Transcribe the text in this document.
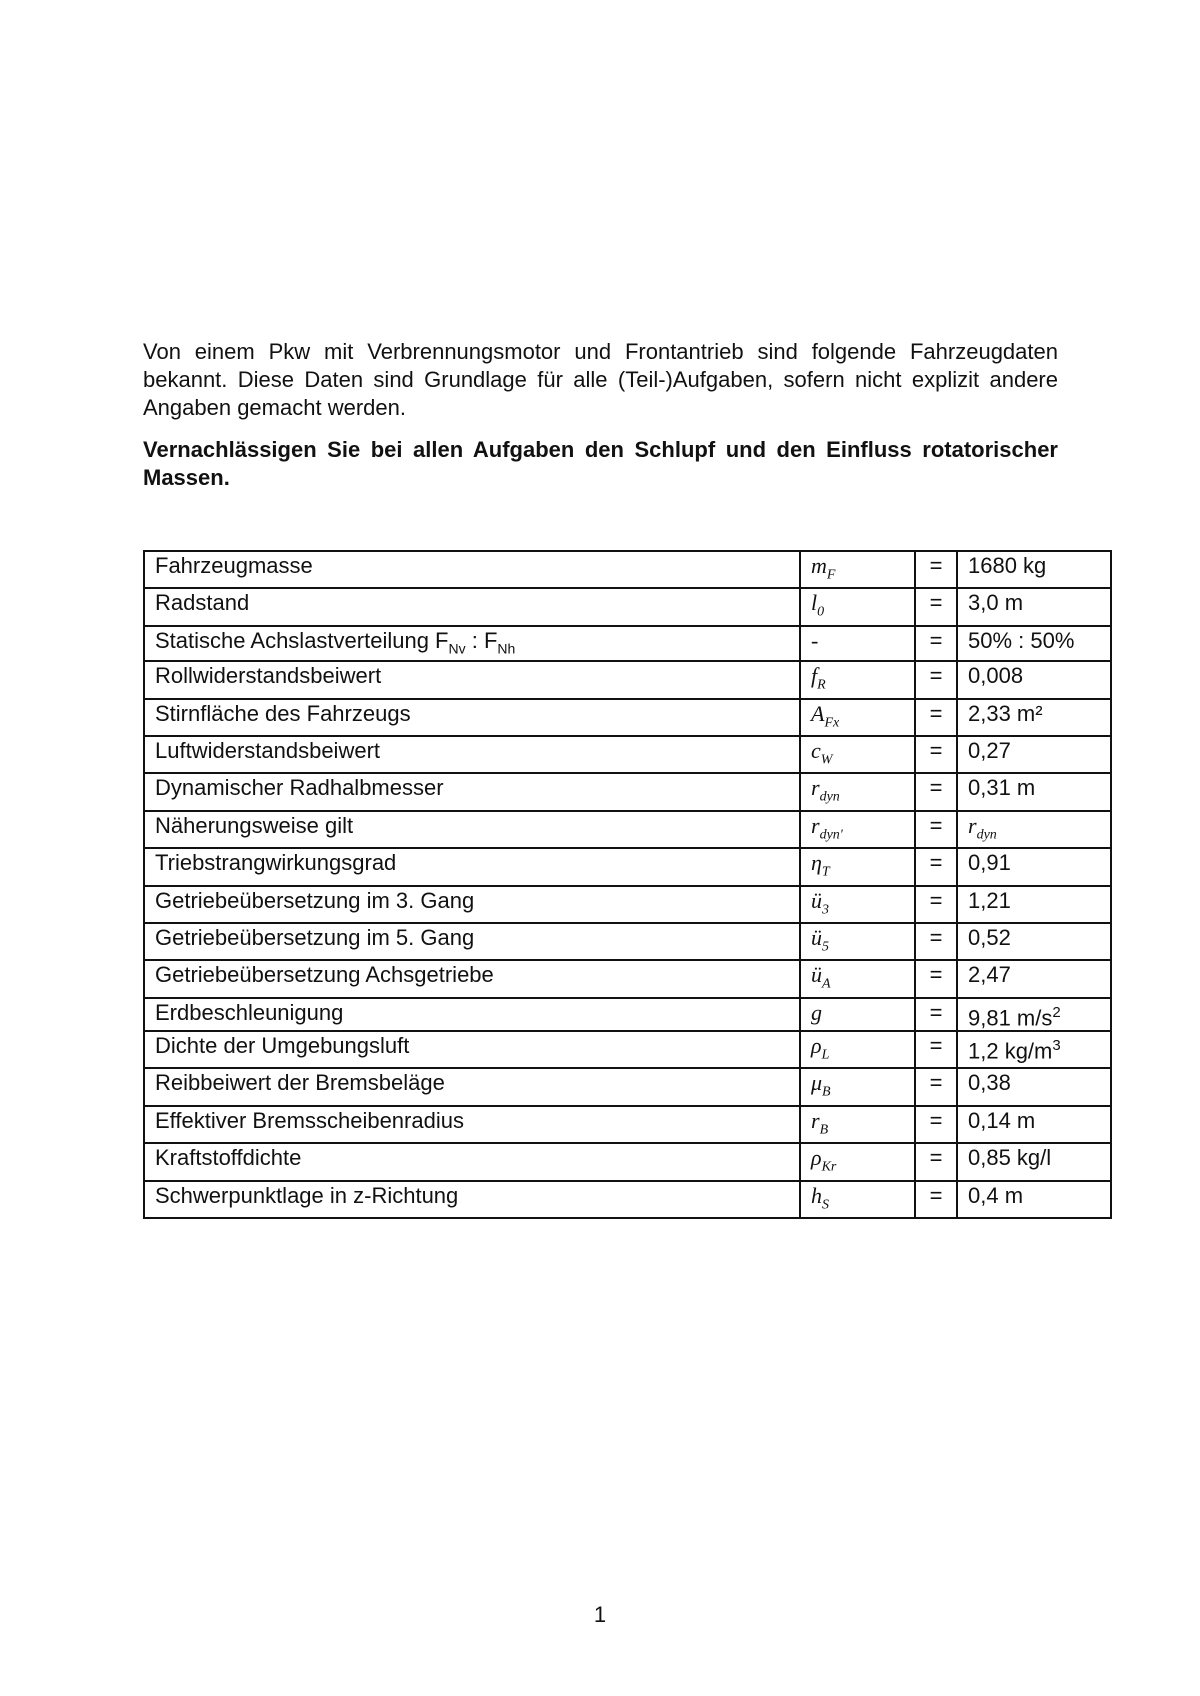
Von einem Pkw mit Verbrennungsmotor und Frontantrieb sind folgende Fahrzeugdaten bekannt. Diese Daten sind Grundlage für alle (Teil-)Aufgaben, sofern nicht explizit andere Angaben gemacht werden.

Vernachlässigen Sie bei allen Aufgaben den Schlupf und den Einfluss rotatorischer Massen.

Fahrzeugmasse	$m_F$	=	1680 kg
Radstand	$l_0$	=	3,0 m
Statische Achslastverteilung $F_{Nv}$ : $F_{Nh}$	-	=	50% : 50%
Rollwiderstandsbeiwert	$f_R$	=	0,008
Stirnfläche des Fahrzeugs	$A_{Fx}$	=	2,33 m²
Luftwiderstandsbeiwert	$c_W$	=	0,27
Dynamischer Radhalbmesser	$r_{dyn}$	=	0,31 m
Näherungsweise gilt	$r_{dyn'}$	=	$r_{dyn}$
Triebstrangwirkungsgrad	$\eta_T$	=	0,91
Getriebeübersetzung im 3. Gang	$ü_3$	=	1,21
Getriebeübersetzung im 5. Gang	$ü_5$	=	0,52
Getriebeübersetzung Achsgetriebe	$ü_A$	=	2,47
Erdbeschleunigung	g	=	9,81 $m/s^2$
Dichte der Umgebungsluft	$\rho_L$	=	1,2 $kg/m^3$
Reibbeiwert der Bremsbeläge	$\mu_B$	=	0,38
Effektiver Bremsscheibenradius	$r_B$	=	0,14 m
Kraftstoffdichte	$\rho_{Kr}$	=	0,85 kg/l
Schwerpunktlage in z-Richtung	$h_S$	=	0,4 m
1
